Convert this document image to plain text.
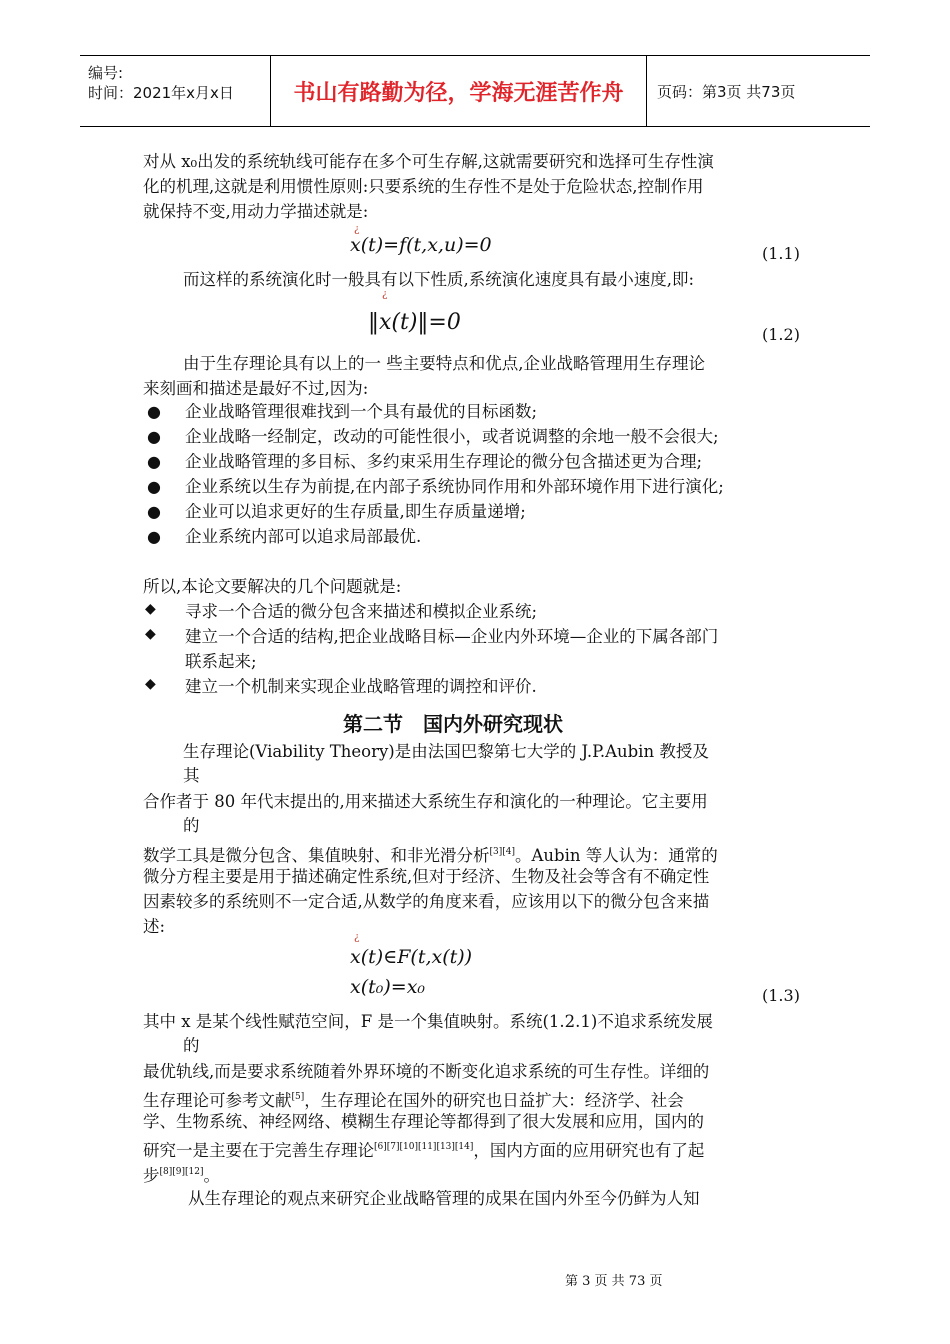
编号:
时间：2021年x月x日	书山有路勤为径，学海无涯苦作舟	页码：第3页 共73页
对从 x₀出发的系统轨线可能存在多个可生存解,这就需要研究和选择可生存性演
化的机理,这就是利用惯性原则:只要系统的生存性不是处于危险状态,控制作用
就保持不变,用动力学描述就是:
¿
x(t)=f(t,x,u)=0	(1.1)
而这样的系统演化时一般具有以下性质,系统演化速度具有最小速度,即:
¿
‖x(t)‖=0	(1.2)
由于生存理论具有以上的一 些主要特点和优点,企业战略管理用生存理论
来刻画和描述是最好不过,因为:
● 企业战略管理很难找到一个具有最优的目标函数;
● 企业战略一经制定，改动的可能性很小，或者说调整的余地一般不会很大;
● 企业战略管理的多目标、多约束采用生存理论的微分包含描述更为合理;
● 企业系统以生存为前提,在内部子系统协同作用和外部环境作用下进行演化;
● 企业可以追求更好的生存质量,即生存质量递增;
● 企业系统内部可以追求局部最优.
所以,本论文要解决的几个问题就是:
◆ 寻求一个合适的微分包含来描述和模拟企业系统;
◆ 建立一个合适的结构,把企业战略目标—企业内外环境—企业的下属各部门
联系起来;
◆ 建立一个机制来实现企业战略管理的调控和评价.
第二节　国内外研究现状
生存理论(Viability Theory)是由法国巴黎第七大学的 J.P.Aubin 教授及
其
合作者于 80 年代末提出的,用来描述大系统生存和演化的一种理论。它主要用
的
数学工具是微分包含、集值映射、和非光滑分析[3][4]。Aubin 等人认为：通常的
微分方程主要是用于描述确定性系统,但对于经济、生物及社会等含有不确定性
因素较多的系统则不一定合适,从数学的角度来看，应该用以下的微分包含来描
述:
¿
x(t)∈F(t,x(t))
x(t₀)=x₀	(1.3)
其中 x 是某个线性赋范空间，F 是一个集值映射。系统(1.2.1)不追求系统发展
的
最优轨线,而是要求系统随着外界环境的不断变化追求系统的可生存性。详细的
生存理论可参考文献[5]，生存理论在国外的研究也日益扩大：经济学、社会
学、生物系统、神经网络、模糊生存理论等都得到了很大发展和应用，国内的
研究一是主要在于完善生存理论[6][7][10][11][13][14]，国内方面的应用研究也有了起
步[8][9][12]。
从生存理论的观点来研究企业战略管理的成果在国内外至今仍鲜为人知
第 3 页 共 73 页
